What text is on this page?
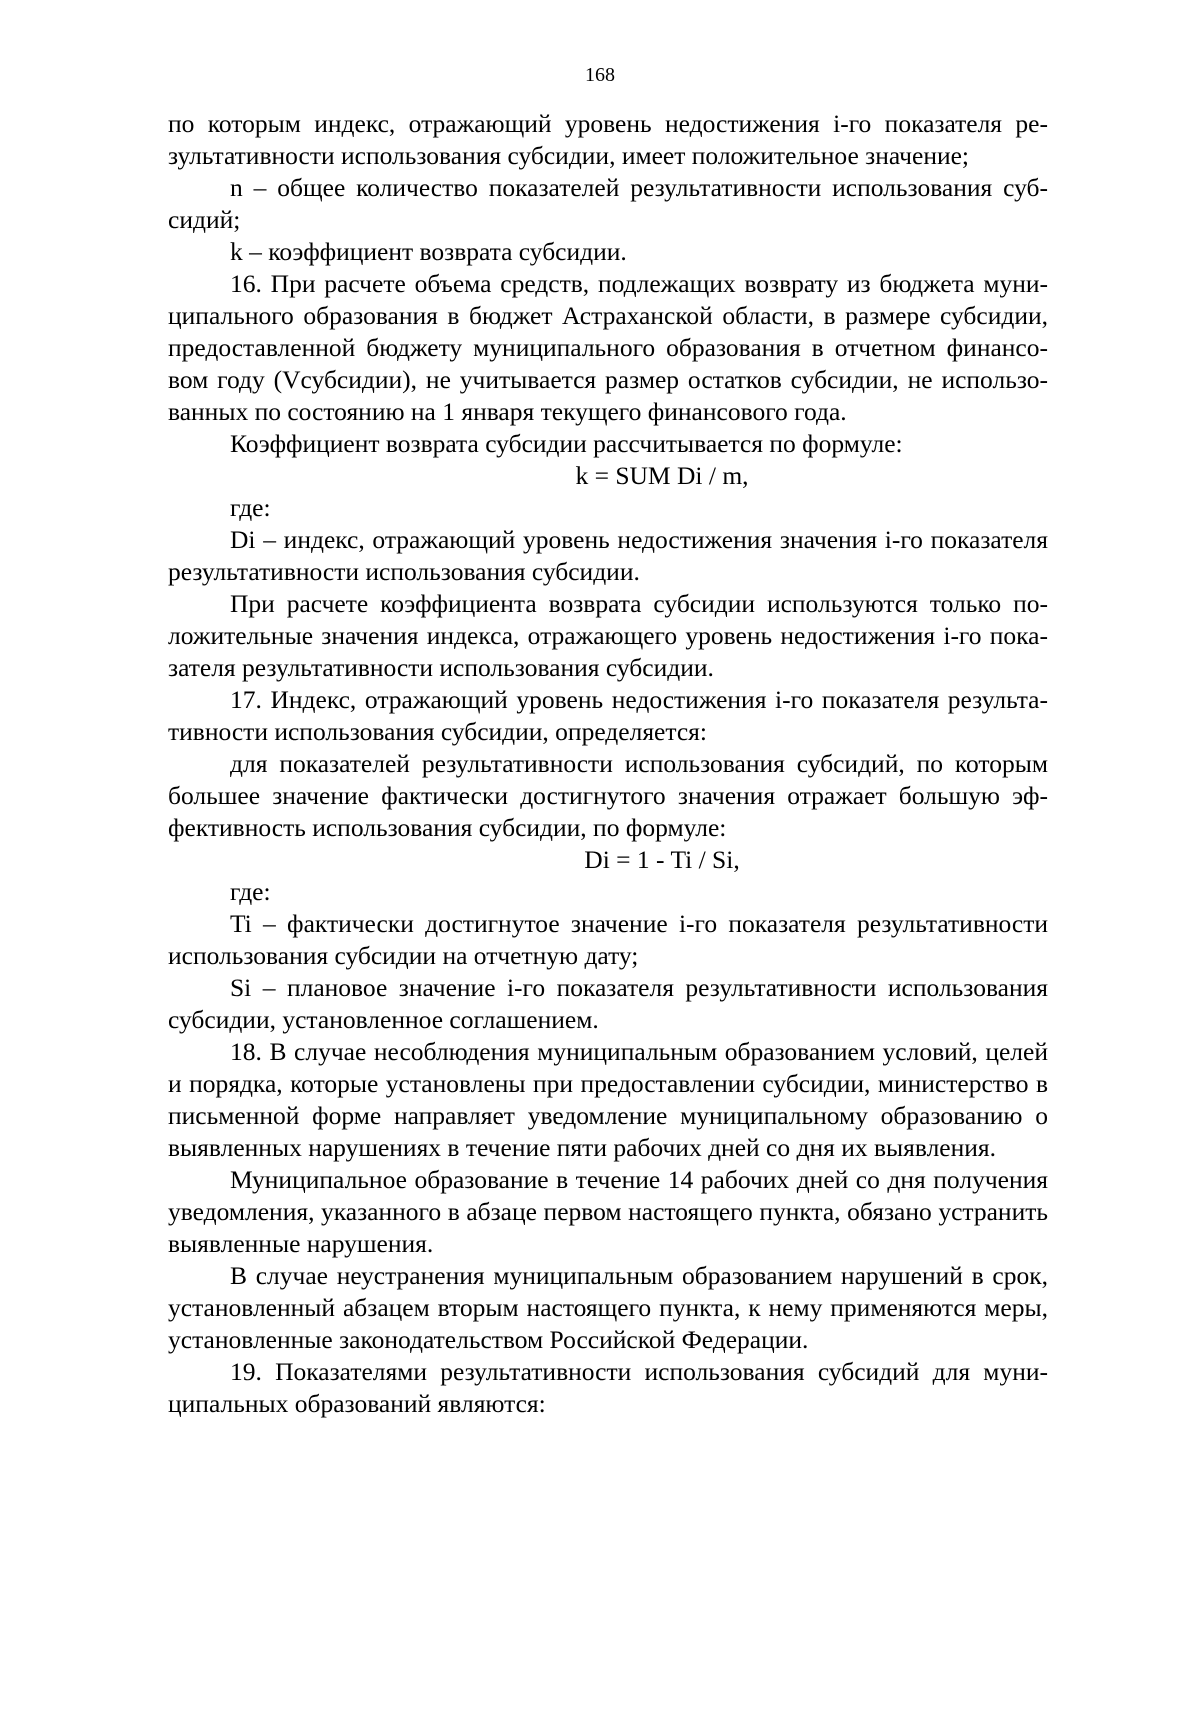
168

по которым индекс, отражающий уровень недостижения i-го показателя результативности использования субсидии, имеет положительное значение;

n – общее количество показателей результативности использования субсидий;

k – коэффициент возврата субсидии.

16. При расчете объема средств, подлежащих возврату из бюджета муниципального образования в бюджет Астраханской области, в размере субсидии, предоставленной бюджету муниципального образования в отчетном финансовом году (Vсубсидии), не учитывается размер остатков субсидии, не использованных по состоянию на 1 января текущего финансового года.

Коэффициент возврата субсидии рассчитывается по формуле:

k = SUM Di / m,

где:

Di – индекс, отражающий уровень недостижения значения i-го показателя результативности использования субсидии.

При расчете коэффициента возврата субсидии используются только положительные значения индекса, отражающего уровень недостижения i-го показателя результативности использования субсидии.

17. Индекс, отражающий уровень недостижения i-го показателя результативности использования субсидии, определяется:

для показателей результативности использования субсидий, по которым большее значение фактически достигнутого значения отражает большую эффективность использования субсидии, по формуле:

Di = 1 - Ti / Si,

где:

Ti – фактически достигнутое значение i-го показателя результативности использования субсидии на отчетную дату;

Si – плановое значение i-го показателя результативности использования субсидии, установленное соглашением.

18. В случае несоблюдения муниципальным образованием условий, целей и порядка, которые установлены при предоставлении субсидии, министерство в письменной форме направляет уведомление муниципальному образованию о выявленных нарушениях в течение пяти рабочих дней со дня их выявления.

Муниципальное образование в течение 14 рабочих дней со дня получения уведомления, указанного в абзаце первом настоящего пункта, обязано устранить выявленные нарушения.

В случае неустранения муниципальным образованием нарушений в срок, установленный абзацем вторым настоящего пункта, к нему применяются меры, установленные законодательством Российской Федерации.

19. Показателями результативности использования субсидий для муниципальных образований являются:
